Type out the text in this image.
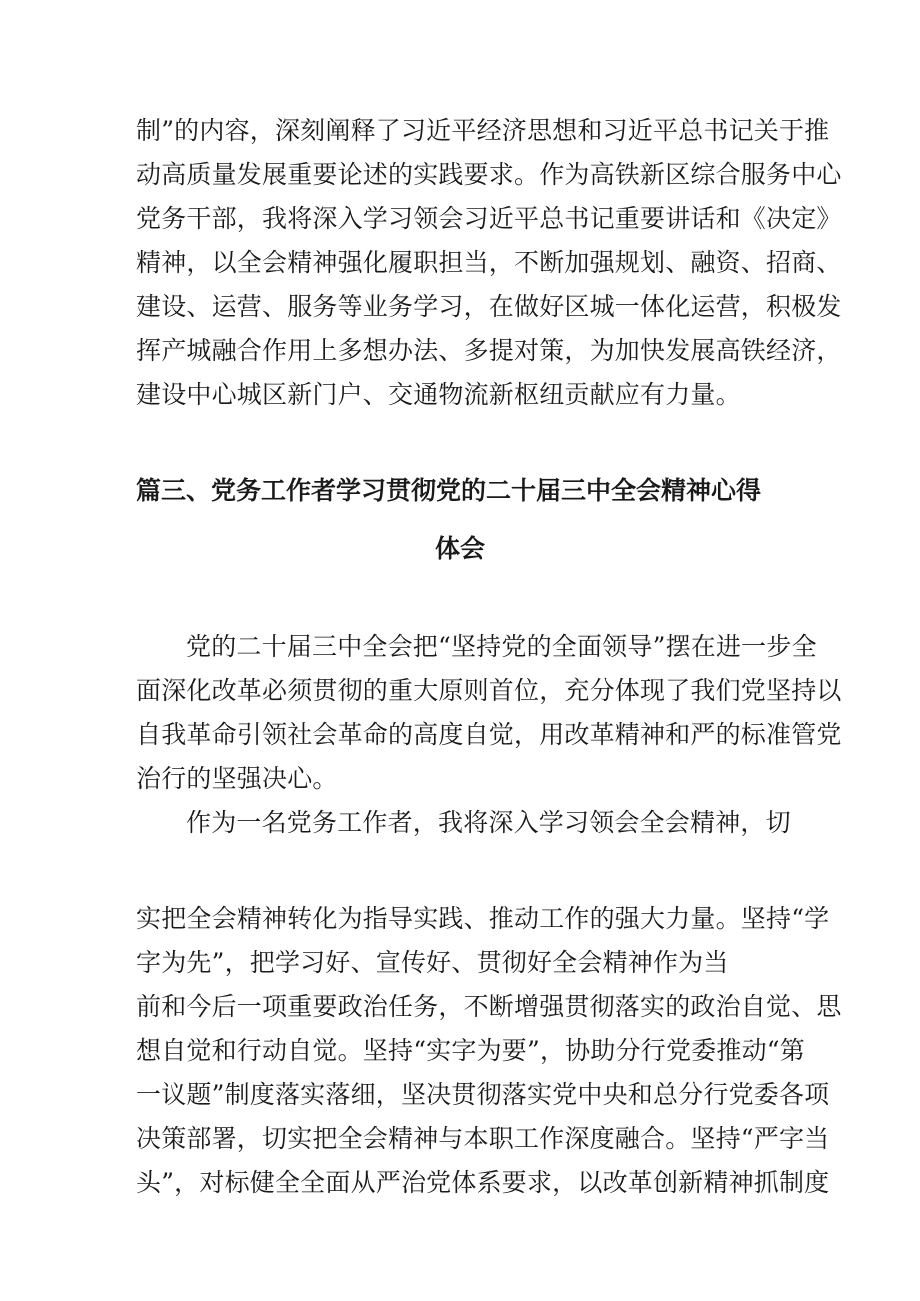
制”的内容，深刻阐释了习近平经济思想和习近平总书记关于推
动高质量发展重要论述的实践要求。作为高铁新区综合服务中心
党务干部，我将深入学习领会习近平总书记重要讲话和《决定》
精神，以全会精神强化履职担当，不断加强规划、融资、招商、
建设、运营、服务等业务学习，在做好区城一体化运营，积极发
挥产城融合作用上多想办法、多提对策，为加快发展高铁经济，
建设中心城区新门户、交通物流新枢纽贡献应有力量。
篇三、党务工作者学习贯彻党的二十届三中全会精神心得
体会
党的二十届三中全会把“坚持党的全面领导”摆在进一步全
面深化改革必须贯彻的重大原则首位，充分体现了我们党坚持以
自我革命引领社会革命的高度自觉，用改革精神和严的标准管党
治行的坚强决心。
作为一名党务工作者，我将深入学习领会全会精神，切
实把全会精神转化为指导实践、推动工作的强大力量。坚持“学
字为先”，把学习好、宣传好、贯彻好全会精神作为当
前和今后一项重要政治任务，不断增强贯彻落实的政治自觉、思
想自觉和行动自觉。坚持“实字为要”，协助分行党委推动“第
一议题”制度落实落细，坚决贯彻落实党中央和总分行党委各项
决策部署，切实把全会精神与本职工作深度融合。坚持“严字当
头”，对标健全全面从严治党体系要求，以改革创新精神抓制度
